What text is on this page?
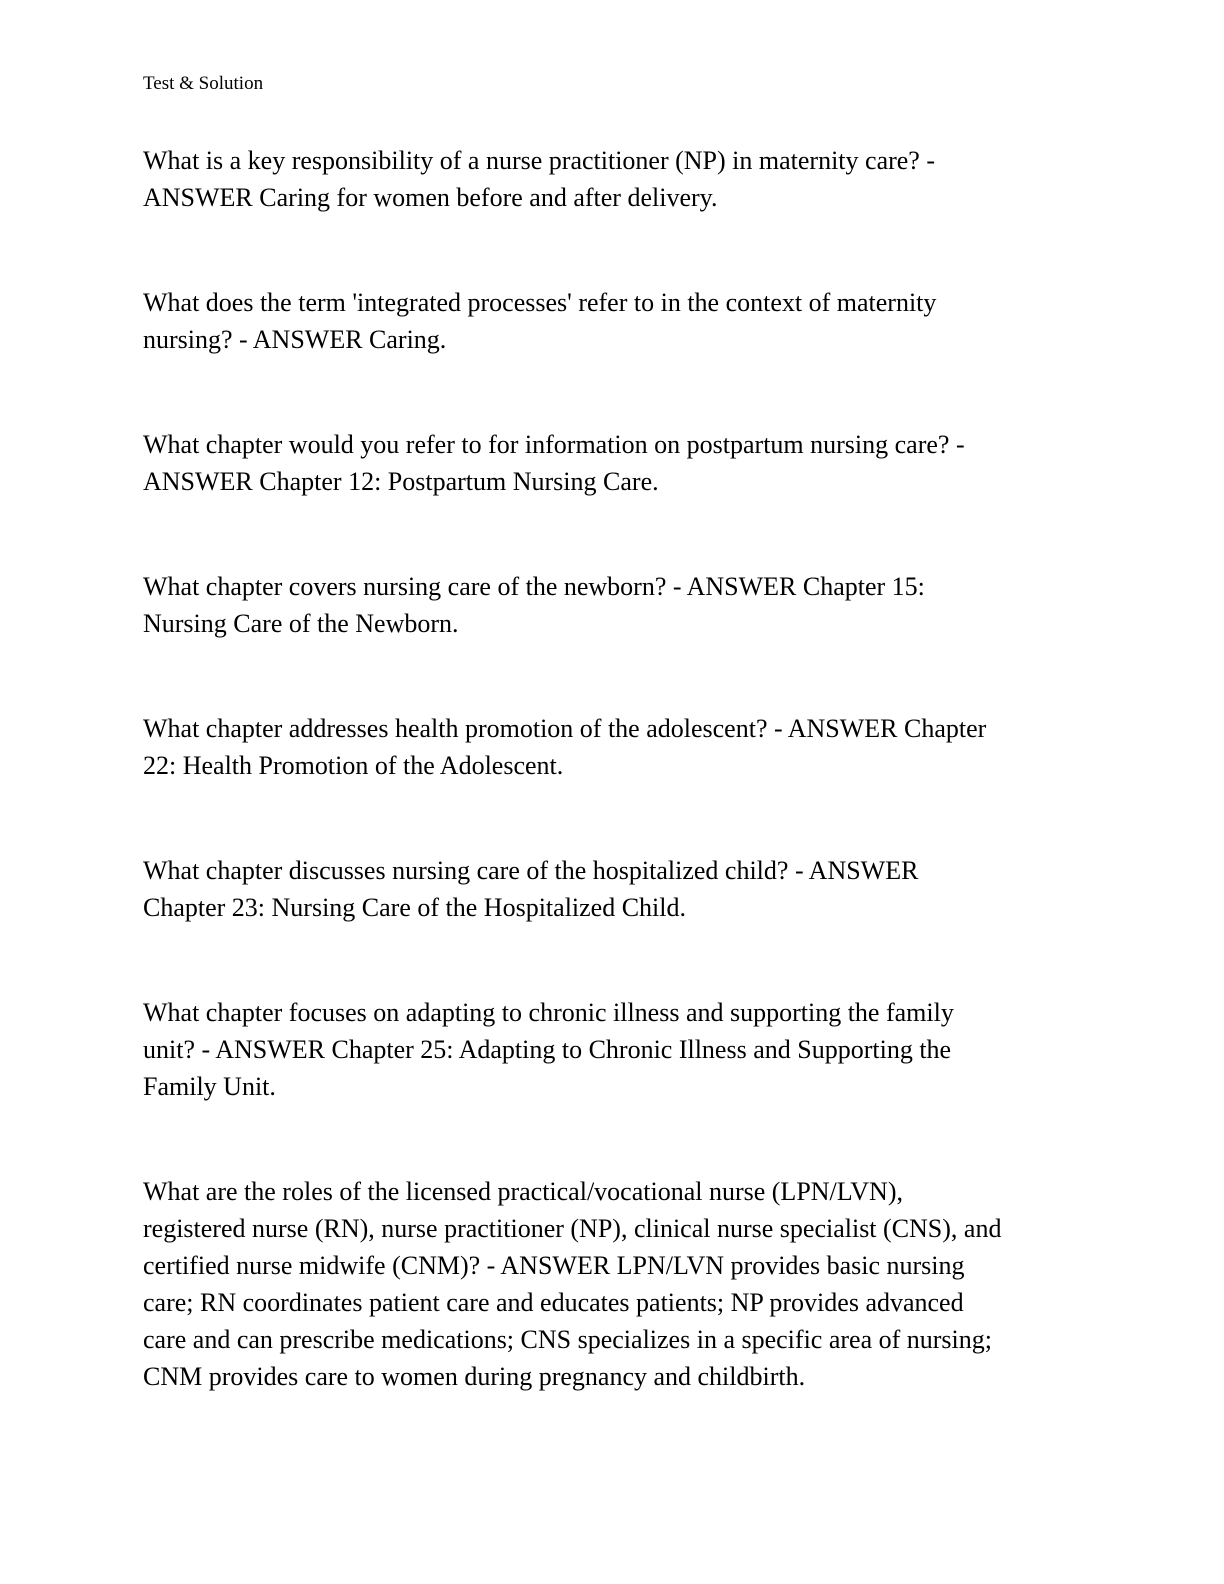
Test & Solution

What is a key responsibility of a nurse practitioner (NP) in maternity care? -
ANSWER Caring for women before and after delivery.

What does the term 'integrated processes' refer to in the context of maternity
nursing? - ANSWER Caring.

What chapter would you refer to for information on postpartum nursing care? -
ANSWER Chapter 12: Postpartum Nursing Care.

What chapter covers nursing care of the newborn? - ANSWER Chapter 15:
Nursing Care of the Newborn.

What chapter addresses health promotion of the adolescent? - ANSWER Chapter
22: Health Promotion of the Adolescent.

What chapter discusses nursing care of the hospitalized child? - ANSWER
Chapter 23: Nursing Care of the Hospitalized Child.

What chapter focuses on adapting to chronic illness and supporting the family
unit? - ANSWER Chapter 25: Adapting to Chronic Illness and Supporting the
Family Unit.

What are the roles of the licensed practical/vocational nurse (LPN/LVN),
registered nurse (RN), nurse practitioner (NP), clinical nurse specialist (CNS), and
certified nurse midwife (CNM)? - ANSWER LPN/LVN provides basic nursing
care; RN coordinates patient care and educates patients; NP provides advanced
care and can prescribe medications; CNS specializes in a specific area of nursing;
CNM provides care to women during pregnancy and childbirth.
